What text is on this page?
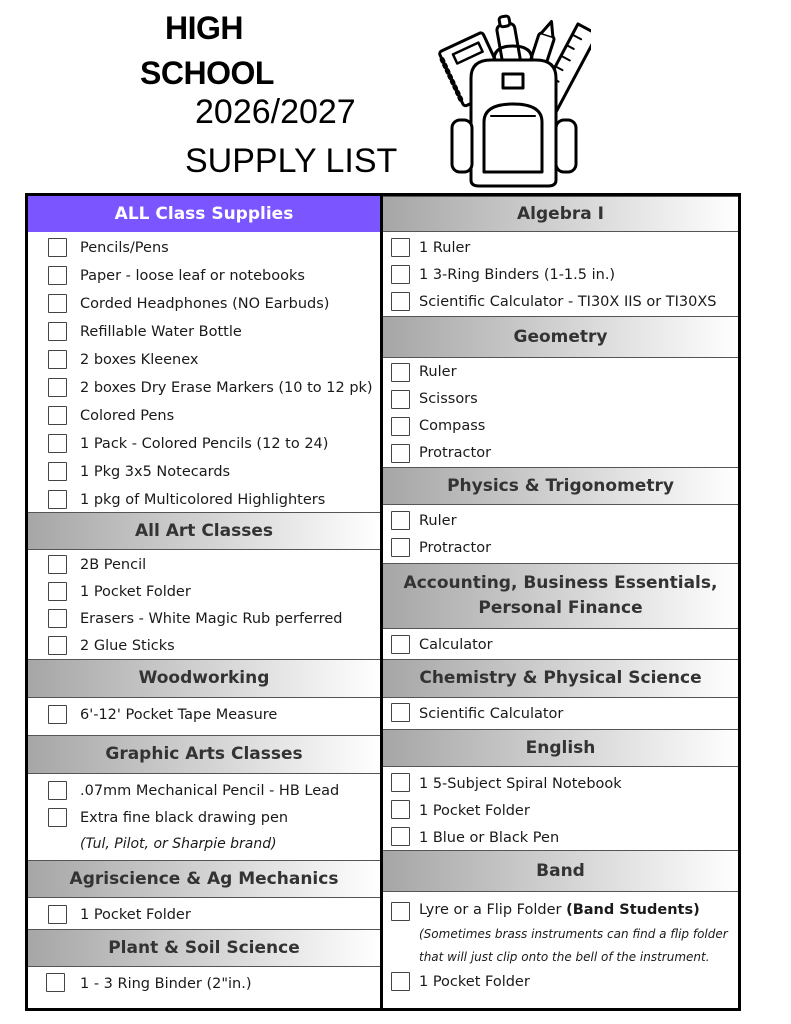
HIGH
SCHOOL
2026/2027
SUPPLY LIST
ALL Class Supplies
Pencils/Pens
Paper - loose leaf or notebooks
Corded Headphones (NO Earbuds)
Refillable Water Bottle
2 boxes Kleenex
2 boxes Dry Erase Markers (10 to 12 pk)
Colored Pens
1 Pack - Colored Pencils (12 to 24)
1 Pkg 3x5 Notecards
1 pkg of Multicolored Highlighters
All Art Classes
2B Pencil
1 Pocket Folder
Erasers - White Magic Rub perferred
2 Glue Sticks
Woodworking
6'-12' Pocket Tape Measure
Graphic Arts Classes
.07mm Mechanical Pencil - HB Lead
Extra fine black drawing pen
(Tul, Pilot, or Sharpie brand)
Agriscience & Ag Mechanics
1 Pocket Folder
Plant & Soil Science
1 - 3 Ring Binder (2"in.)
Algebra I
1 Ruler
1 3-Ring Binders (1-1.5 in.)
Scientific Calculator - TI30X IIS or TI30XS
Geometry
Ruler
Scissors
Compass
Protractor
Physics & Trigonometry
Ruler
Protractor
Accounting, Business Essentials,
Personal Finance
Calculator
Chemistry & Physical Science
Scientific Calculator
English
1 5-Subject Spiral Notebook
1 Pocket Folder
1 Blue or Black Pen
Band
Lyre or a Flip Folder (Band Students)
(Sometimes brass instruments can find a flip folder
that will just clip onto the bell of the instrument.
1 Pocket Folder
